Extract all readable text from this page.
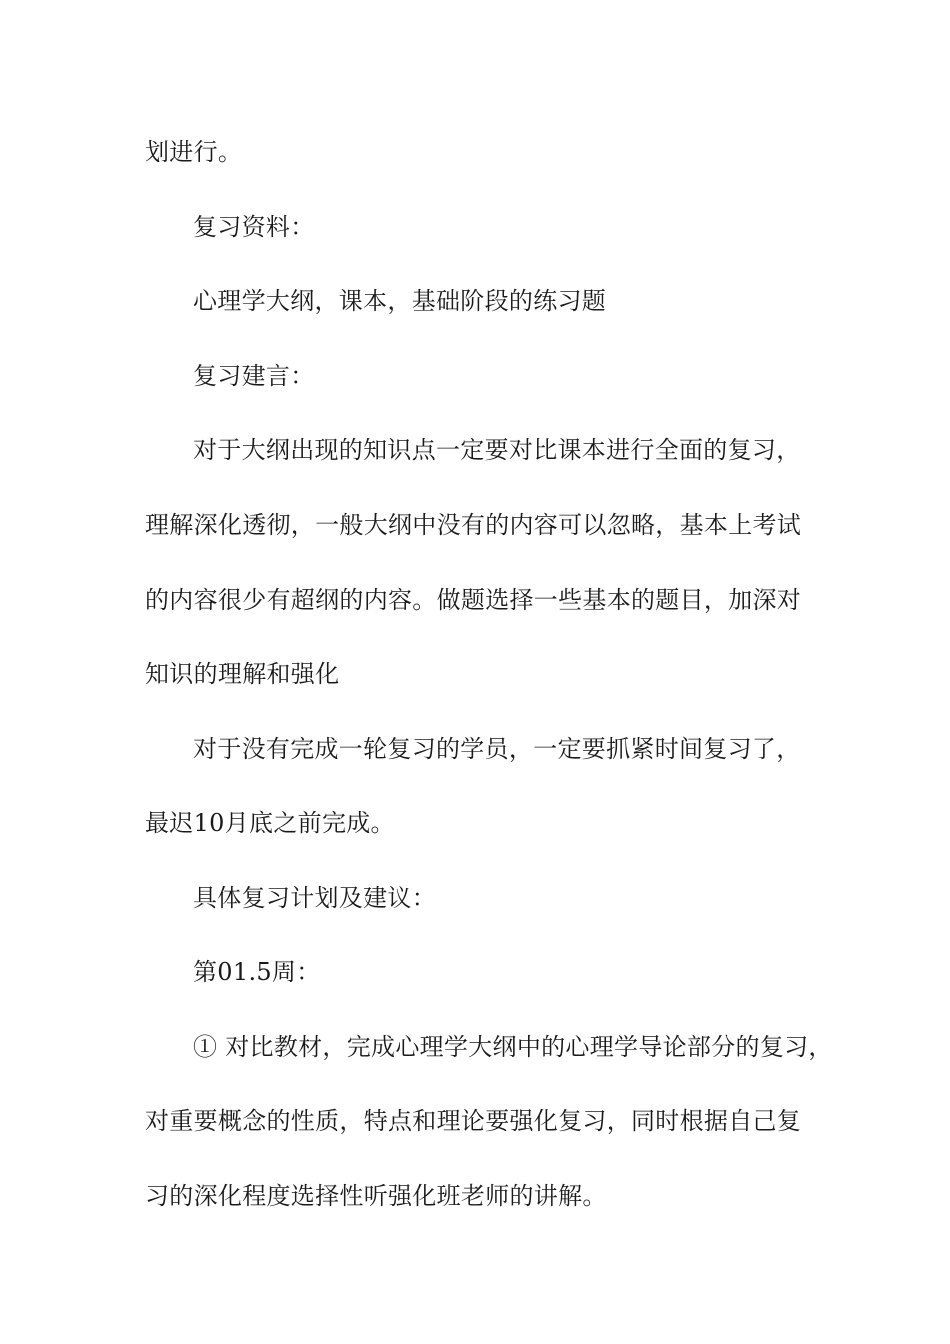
划进行。
复习资料：
心理学大纲，课本，基础阶段的练习题
复习建言：
对于大纲出现的知识点一定要对比课本进行全面的复习，
理解深化透彻，一般大纲中没有的内容可以忽略，基本上考试
的内容很少有超纲的内容。做题选择一些基本的题目，加深对
知识的理解和强化
对于没有完成一轮复习的学员，一定要抓紧时间复习了，
最迟10月底之前完成。
具体复习计划及建议：
第01.5周：
① 对比教材，完成心理学大纲中的心理学导论部分的复习，
对重要概念的性质，特点和理论要强化复习，同时根据自己复
习的深化程度选择性听强化班老师的讲解。
